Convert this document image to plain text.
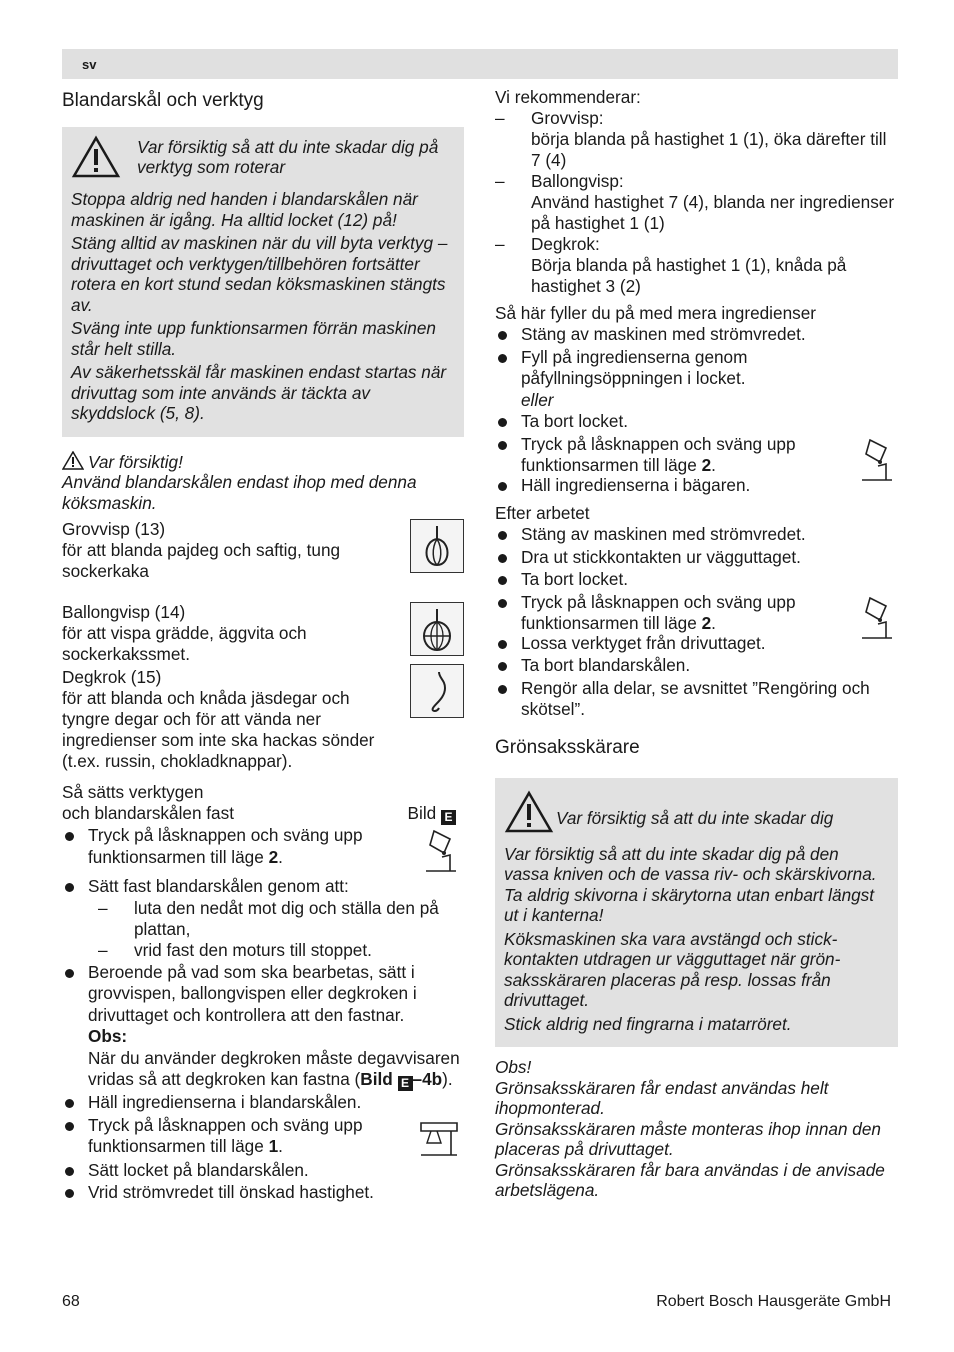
sv
Blandarskål och verktyg
Var försiktig så att du inte skadar dig på verktyg som roterar

Stoppa aldrig ned handen i blandarskålen när maskinen är igång. Ha alltid locket (12) på!

Stäng alltid av maskinen när du vill byta verktyg – drivuttaget och verktygen/tillbehören fortsätter rotera en kort stund sedan köksmaskinen stängts av.

Sväng inte upp funktionsarmen förrän maskinen står helt stilla.

Av säkerhetsskäl får maskinen endast startas när drivuttag som inte används är täckta av skyddslock (5, 8).

Var försiktig!
Använd blandarskålen endast ihop med denna köksmaskin.
Grovvisp (13)
för att blanda pajdeg och saftig, tung sockerkaka
Ballongvisp (14)
för att vispa grädde, äggvita och sockerkakssmet.
Degkrok (15)
för att blanda och knåda jäsdegar och tyngre degar och för att vända ner ingredienser som inte ska hackas sönder (t.ex. russin, chokladknappar).
Så sätts verktygen
och blandarskålen fast	Bild E
Tryck på låsknappen och sväng upp funktionsarmen till läge 2.
Sätt fast blandarskålen genom att:
– luta den nedåt mot dig och ställa den på plattan,
– vrid fast den moturs till stoppet.
Beroende på vad som ska bearbetas, sätt i grovvispen, ballongvispen eller degkroken i drivuttaget och kontrollera att den fastnar.
Obs:
När du använder degkroken måste degavvisaren vridas så att degkroken kan fastna (Bild E –4b).
Häll ingredienserna i blandarskålen.
Tryck på låsknappen och sväng upp funktionsarmen till läge 1.
Sätt locket på blandarskålen.
Vrid strömvredet till önskad hastighet.
Vi rekommenderar:
– Grovvisp:
börja blanda på hastighet 1 (1), öka därefter till 7 (4)
– Ballongvisp:
Använd hastighet 7 (4), blanda ner ingredienser på hastighet 1 (1)
– Degkrok:
Börja blanda på hastighet 1 (1), knåda på hastighet 3 (2)
Så här fyller du på med mera ingredienser
Stäng av maskinen med strömvredet.
Fyll på ingredienserna genom påfyllningsöppningen i locket.
eller
Ta bort locket.
Tryck på låsknappen och sväng upp funktionsarmen till läge 2.
Häll ingredienserna i bägaren.
Efter arbetet
Stäng av maskinen med strömvredet.
Dra ut stickkontakten ur vägguttaget.
Ta bort locket.
Tryck på låsknappen och sväng upp funktionsarmen till läge 2.
Lossa verktyget från drivuttaget.
Ta bort blandarskålen.
Rengör alla delar, se avsnittet ”Rengöring och skötsel”.
Grönsaksskärare
Var försiktig så att du inte skadar dig

Var försiktig så att du inte skadar dig på den vassa kniven och de vassa riv- och skärskivorna. Ta aldrig skivorna i skärytorna utan enbart längst ut i kanterna!

Köksmaskinen ska vara avstängd och stickkontakten utdragen ur vägguttaget när grönsaksskäraren placeras på resp. lossas från drivuttaget.

Stick aldrig ned fingrarna i matarröret.

Obs!
Grönsaksskäraren får endast användas helt ihopmonterad.
Grönsaksskäraren måste monteras ihop innan den placeras på drivuttaget.
Grönsaksskäraren får bara användas i de anvisade arbetslägena.
68	Robert Bosch Hausgeräte GmbH
